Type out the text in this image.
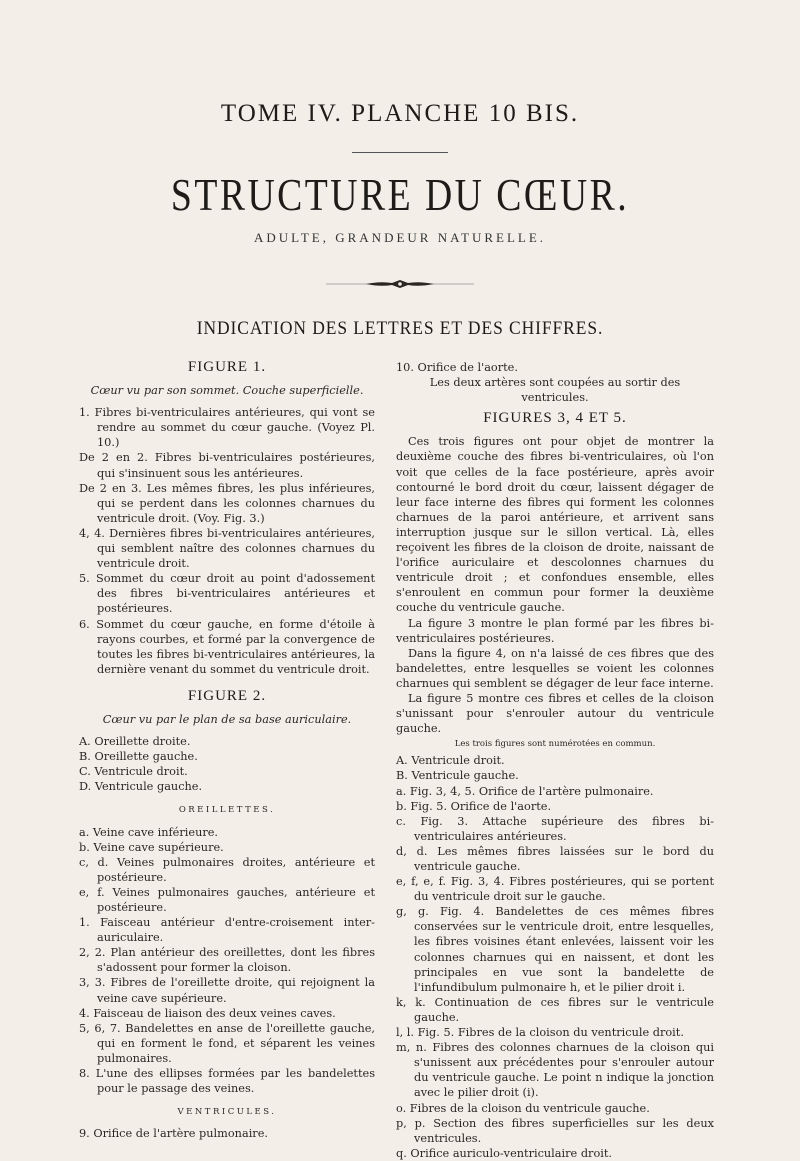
TOME IV. PLANCHE 10 BIS.
STRUCTURE DU CŒUR.
ADULTE, GRANDEUR NATURELLE.
INDICATION DES LETTRES ET DES CHIFFRES.
FIGURE 1.
Cœur vu par son sommet. Couche superficielle.
1. Fibres bi-ventriculaires antérieures, qui vont se rendre au sommet du cœur gauche. (Voyez Pl. 10.)
De 2 en 2. Fibres bi-ventriculaires postérieures, qui s'insinuent sous les antérieures.
De 2 en 3. Les mêmes fibres, les plus inférieures, qui se perdent dans les colonnes charnues du ventricule droit. (Voy. Fig. 3.)
4, 4. Dernières fibres bi-ventriculaires antérieures, qui semblent naître des colonnes charnues du ventricule droit.
5. Sommet du cœur droit au point d'adossement des fibres bi-ventriculaires antérieures et postérieures.
6. Sommet du cœur gauche, en forme d'étoile à rayons courbes, et formé par la convergence de toutes les fibres bi-ventriculaires antérieures, la dernière venant du sommet du ventricule droit.
FIGURE 2.
Cœur vu par le plan de sa base auriculaire.
A. Oreillette droite.
B. Oreillette gauche.
C. Ventricule droit.
D. Ventricule gauche.
OREILLETTES.
a. Veine cave inférieure.
b. Veine cave supérieure.
c, d. Veines pulmonaires droites, antérieure et postérieure.
e, f. Veines pulmonaires gauches, antérieure et postérieure.
1. Faisceau antérieur d'entre-croisement inter-auriculaire.
2, 2. Plan antérieur des oreillettes, dont les fibres s'adossent pour former la cloison.
3, 3. Fibres de l'oreillette droite, qui rejoignent la veine cave supérieure.
4. Faisceau de liaison des deux veines caves.
5, 6, 7. Bandelettes en anse de l'oreillette gauche, qui en forment le fond, et séparent les veines pulmonaires.
8. L'une des ellipses formées par les bandelettes pour le passage des veines.
VENTRICULES.
9. Orifice de l'artère pulmonaire.
10. Orifice de l'aorte.
Les deux artères sont coupées au sortir des ventricules.
FIGURES 3, 4 ET 5.
Ces trois figures ont pour objet de montrer la deuxième couche des fibres bi-ventriculaires, où l'on voit que celles de la face postérieure, après avoir contourné le bord droit du cœur, laissent dégager de leur face interne des fibres qui forment les colonnes charnues de la paroi antérieure, et arrivent sans interruption jusque sur le sillon vertical. Là, elles reçoivent les fibres de la cloison de droite, naissant de l'orifice auriculaire et descolonnes charnues du ventricule droit ; et confondues ensemble, elles s'enroulent en commun pour former la deuxième couche du ventricule gauche.
La figure 3 montre le plan formé par les fibres bi-ventriculaires postérieures.
Dans la figure 4, on n'a laissé de ces fibres que des bandelettes, entre lesquelles se voient les colonnes charnues qui semblent se dégager de leur face interne.
La figure 5 montre ces fibres et celles de la cloison s'unissant pour s'enrouler autour du ventricule gauche.
Les trois figures sont numérotées en commun.
A. Ventricule droit.
B. Ventricule gauche.
a. Fig. 3, 4, 5. Orifice de l'artère pulmonaire.
b. Fig. 5. Orifice de l'aorte.
c. Fig. 3. Attache supérieure des fibres bi-ventriculaires antérieures.
d, d. Les mêmes fibres laissées sur le bord du ventricule gauche.
e, f, e, f. Fig. 3, 4. Fibres postérieures, qui se portent du ventricule droit sur le gauche.
g, g. Fig. 4. Bandelettes de ces mêmes fibres conservées sur le ventricule droit, entre lesquelles, les fibres voisines étant enlevées, laissent voir les colonnes charnues qui en naissent, et dont les principales en vue sont la bandelette de l'infundibulum pulmonaire h, et le pilier droit i.
k, k. Continuation de ces fibres sur le ventricule gauche.
l, l. Fig. 5. Fibres de la cloison du ventricule droit.
m, n. Fibres des colonnes charnues de la cloison qui s'unissent aux précédentes pour s'enrouler autour du ventricule gauche. Le point n indique la jonction avec le pilier droit (i).
o. Fibres de la cloison du ventricule gauche.
p, p. Section des fibres superficielles sur les deux ventricules.
q. Orifice auriculo-ventriculaire droit.
